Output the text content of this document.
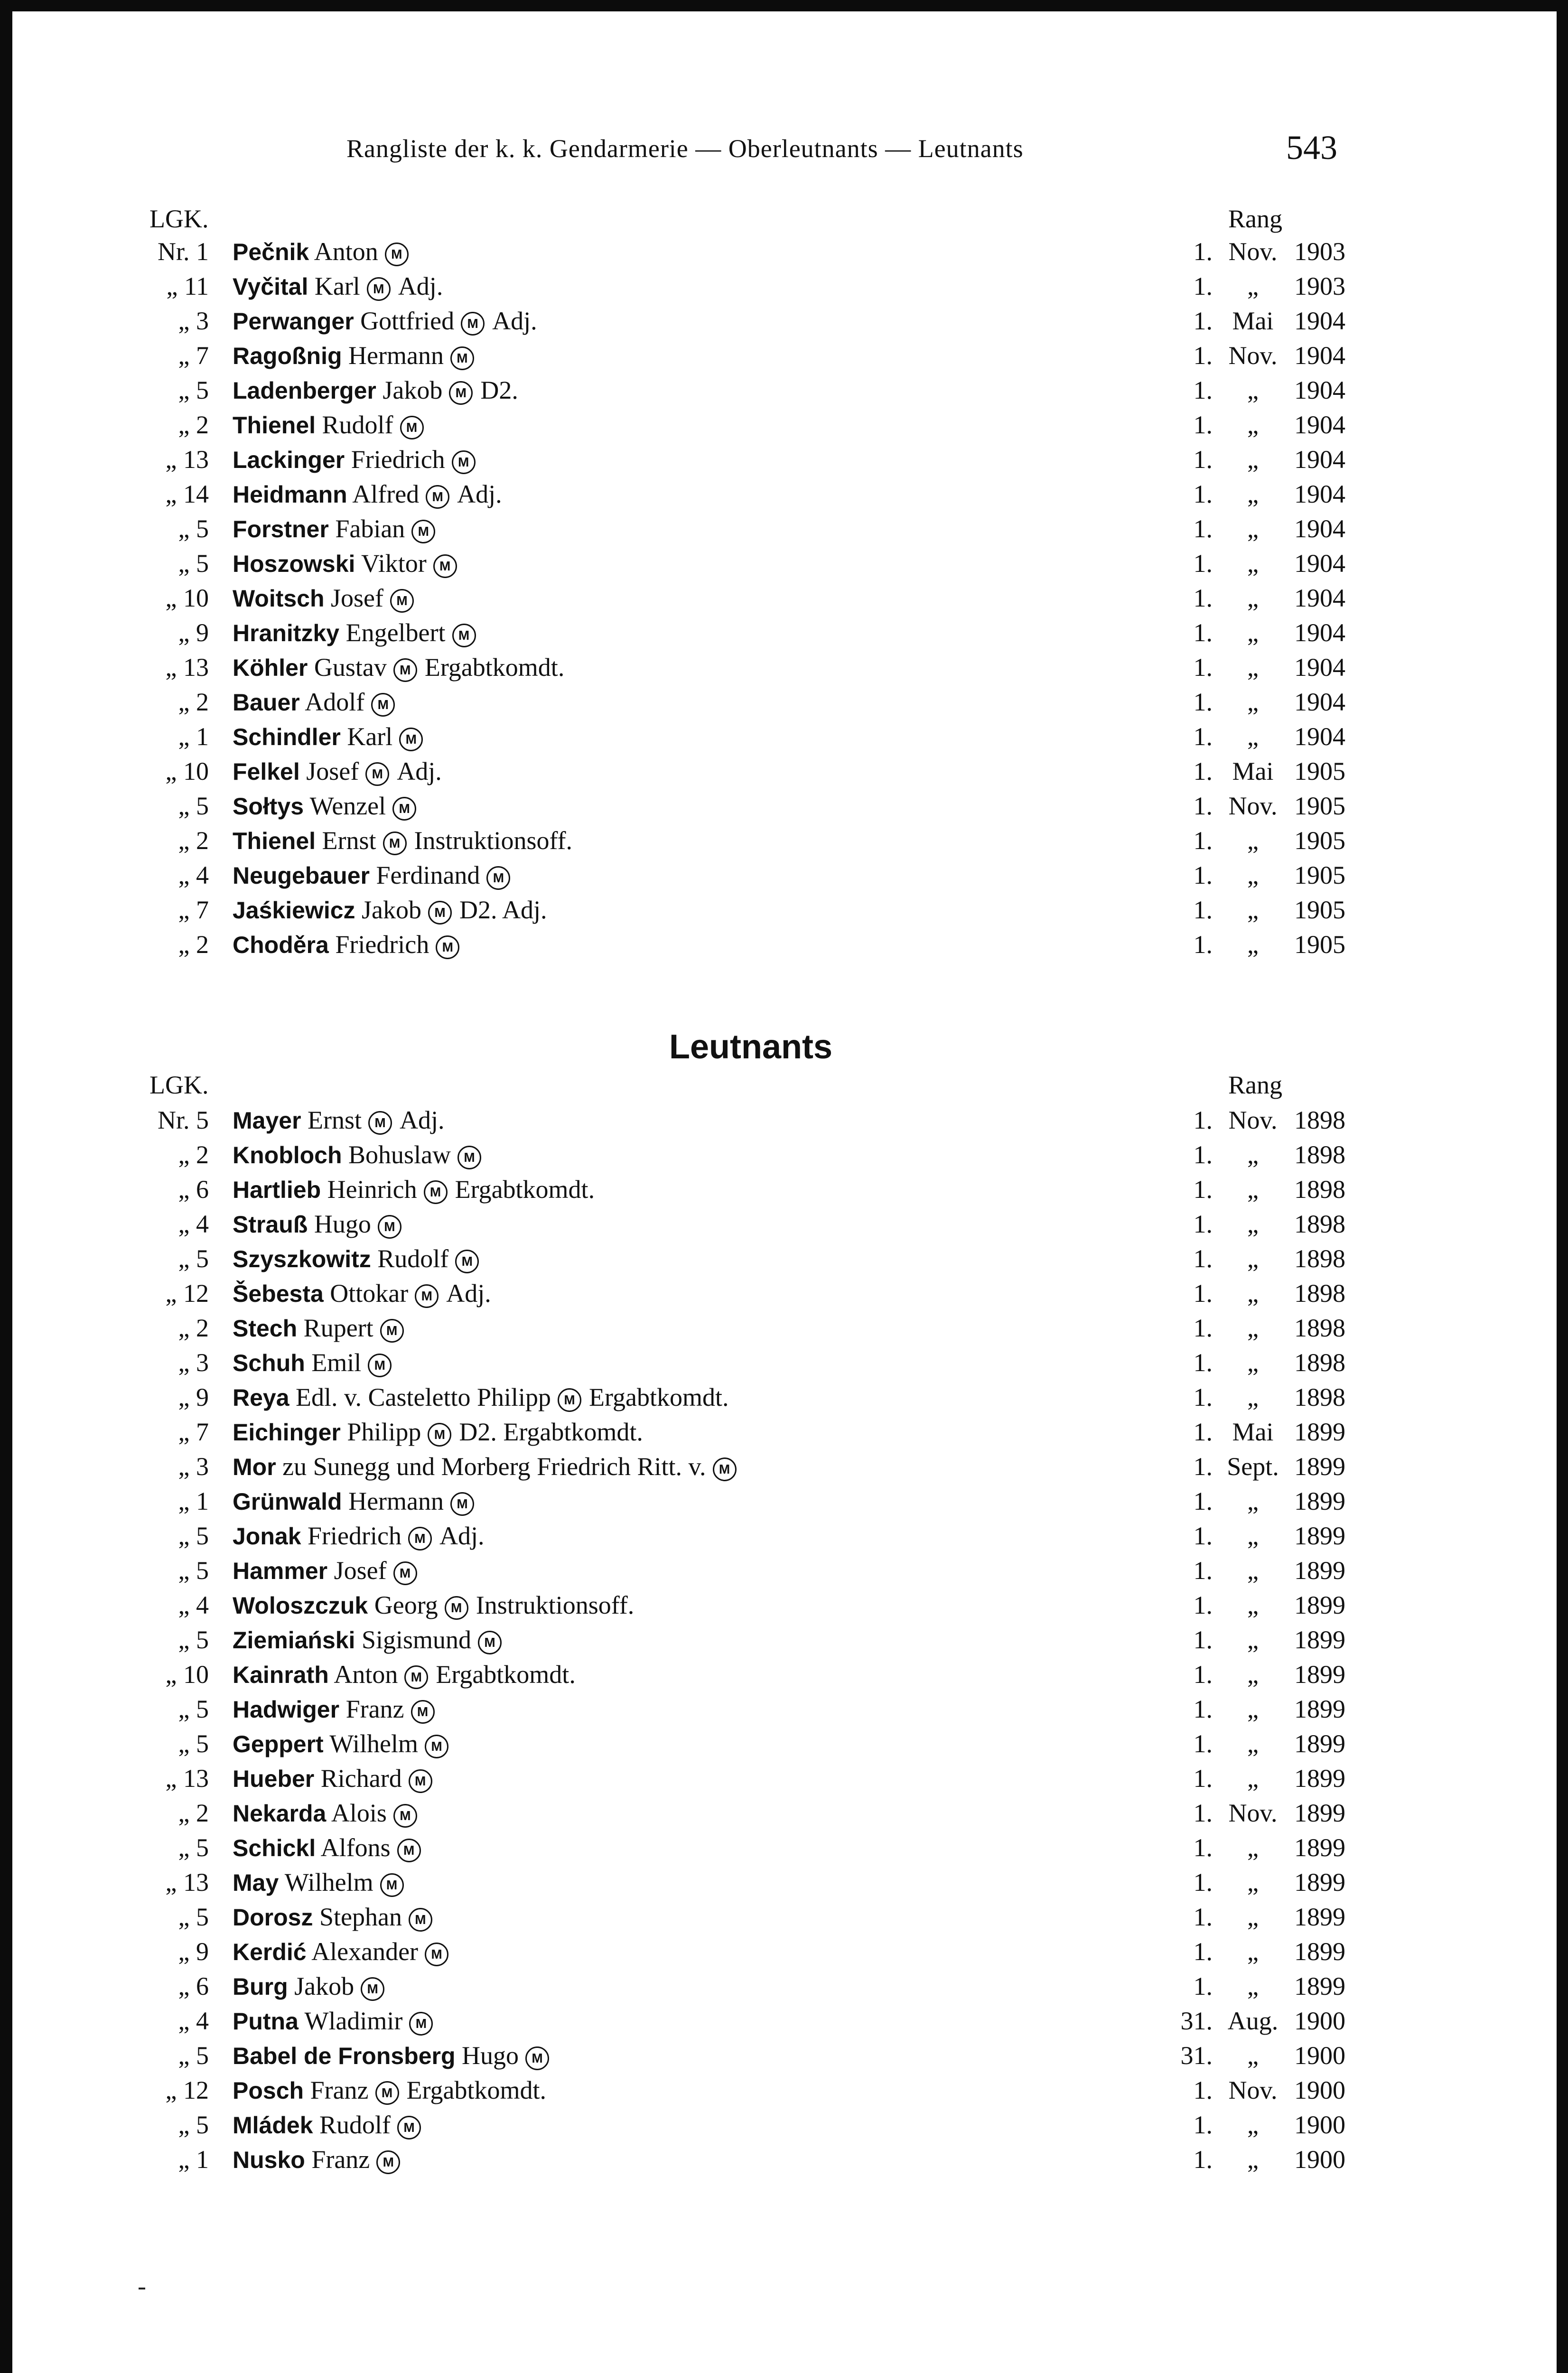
Rangliste der k. k. Gendarmerie — Oberleutnants — Leutnants	543
LGK.	Rang
Nr. 1 Pečnik Anton M	1. Nov. 1903
„ 11 Vyčital Karl M Adj.	1.	„	1903
„ 3 Perwanger Gottfried M Adj.	1. Mai 1904
„ 7 Ragoßnig Hermann M	1. Nov. 1904
„ 5 Ladenberger Jakob M D2.	1.	„	1904
„ 2 Thienel Rudolf M	1.	„	1904
„ 13 Lackinger Friedrich M	1.	„	1904
„ 14 Heidmann Alfred M Adj.	1.	„	1904
„ 5 Forstner Fabian M	1.	„	1904
„ 5 Hoszowski Viktor M	1.	„	1904
„ 10 Woitsch Josef M	1.	„	1904
„ 9 Hranitzky Engelbert M	1.	„	1904
„ 13 Köhler Gustav M Ergabtkomdt.	1.	„	1904
„ 2 Bauer Adolf M	1.	„	1904
„ 1 Schindler Karl M	1.	„	1904
„ 10 Felkel Josef M Adj.	1. Mai 1905
„ 5 Sołtys Wenzel M	1. Nov. 1905
„ 2 Thienel Ernst M Instruktionsoff.	1.	„	1905
„ 4 Neugebauer Ferdinand M	1.	„	1905
„ 7 Jaśkiewicz Jakob M D2. Adj.	1.	„	1905
„ 2 Choděra Friedrich M	1.	„	1905
Leutnants
LGK.	Rang
Nr. 5 Mayer Ernst M Adj.	1. Nov. 1898
„ 2 Knobloch Bohuslaw M	1.	„	1898
„ 6 Hartlieb Heinrich M Ergabtkomdt.	1.	„	1898
„ 4 Strauß Hugo M	1.	„	1898
„ 5 Szyszkowitz Rudolf M	1.	„	1898
„ 12 Šebesta Ottokar M Adj.	1.	„	1898
„ 2 Stech Rupert M	1.	„	1898
„ 3 Schuh Emil M	1.	„	1898
„ 9 Reya Edl. v. Casteletto Philipp M Ergabtkomdt.	1.	„	1898
„ 7 Eichinger Philipp M D2. Ergabtkomdt.	1. Mai 1899
„ 3 Mor zu Sunegg und Morberg Friedrich Ritt. v. M	1. Sept. 1899
„ 1 Grünwald Hermann M	1.	„	1899
„ 5 Jonak Friedrich M Adj.	1.	„	1899
„ 5 Hammer Josef M	1.	„	1899
„ 4 Woloszczuk Georg M Instruktionsoff.	1.	„	1899
„ 5 Ziemiański Sigismund M	1.	„	1899
„ 10 Kainrath Anton M Ergabtkomdt.	1.	„	1899
„ 5 Hadwiger Franz M	1.	„	1899
„ 5 Geppert Wilhelm M	1.	„	1899
„ 13 Hueber Richard M	1.	„	1899
„ 2 Nekarda Alois M	1. Nov. 1899
„ 5 Schickl Alfons M	1.	„	1899
„ 13 May Wilhelm M	1.	„	1899
„ 5 Dorosz Stephan M	1.	„	1899
„ 9 Kerdić Alexander M	1.	„	1899
„ 6 Burg Jakob M	1.	„	1899
„ 4 Putna Wladimir M	31. Aug. 1900
„ 5 Babel de Fronsberg Hugo M	31.	„	1900
„ 12 Posch Franz M Ergabtkomdt.	1. Nov. 1900
„ 5 Mládek Rudolf M	1.	„	1900
„ 1 Nusko Franz M	1.	„	1900
